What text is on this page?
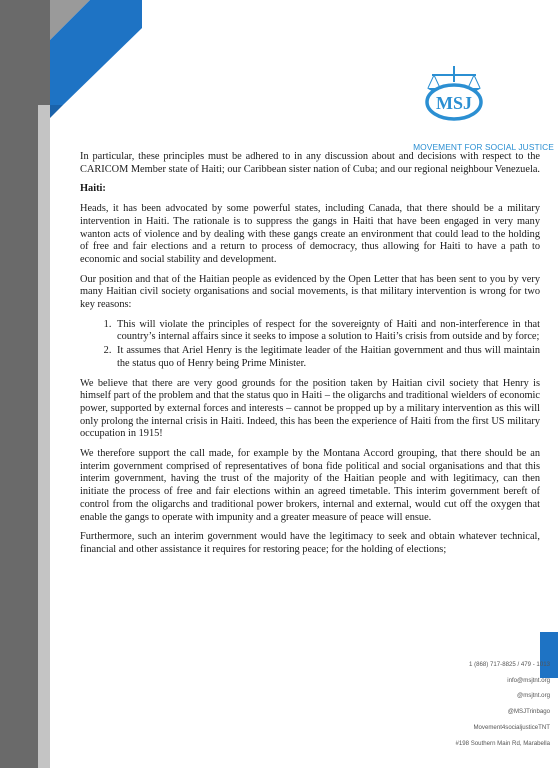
MSJ
MOVEMENT FOR SOCIAL JUSTICE

In particular, these principles must be adhered to in any discussion about and decisions with respect to the CARICOM Member state of Haiti; our Caribbean sister nation of Cuba; and our regional neighbour Venezuela.

Haiti:

Heads, it has been advocated by some powerful states, including Canada, that there should be a military intervention in Haiti. The rationale is to suppress the gangs in Haiti that have been engaged in very many wanton acts of violence and by dealing with these gangs create an environment that could lead to the holding of free and fair elections and a return to process of democracy, thus allowing for Haiti to have a path to economic and social stability and development.

Our position and that of the Haitian people as evidenced by the Open Letter that has been sent to you by very many Haitian civil society organisations and social movements, is that military intervention is wrong for two key reasons:

1. This will violate the principles of respect for the sovereignty of Haiti and non-interference in that country’s internal affairs since it seeks to impose a solution to Haiti’s crisis from outside and by force;
2. It assumes that Ariel Henry is the legitimate leader of the Haitian government and thus will maintain the status quo of Henry being Prime Minister.

We believe that there are very good grounds for the position taken by Haitian civil society that Henry is himself part of the problem and that the status quo in Haiti – the oligarchs and traditional wielders of economic power, supported by external forces and interests – cannot be propped up by a military intervention as this will only prolong the internal crisis in Haiti. Indeed, this has been the experience of Haiti from the first US military occupation in 1915!

We therefore support the call made, for example by the Montana Accord grouping, that there should be an interim government comprised of representatives of bona fide political and social organisations and that this interim government, having the trust of the majority of the Haitian people and with legitimacy, can then initiate the process of free and fair elections within an agreed timetable. This interim government bereft of control from the oligarchs and traditional power brokers, internal and external, would cut off the oxygen that enable the gangs to operate with impunity and a greater measure of peace will ensue.

Furthermore, such an interim government would have the legitimacy to seek and obtain whatever technical, financial and other assistance it requires for restoring peace; for the holding of elections;

1 (868) 717-8825 / 479 - 1013
info@msjtnt.org
@msjtnt.org
@MSJTrinbago
Movement4socialjusticeTNT
#198 Southern Main Rd, Marabella
